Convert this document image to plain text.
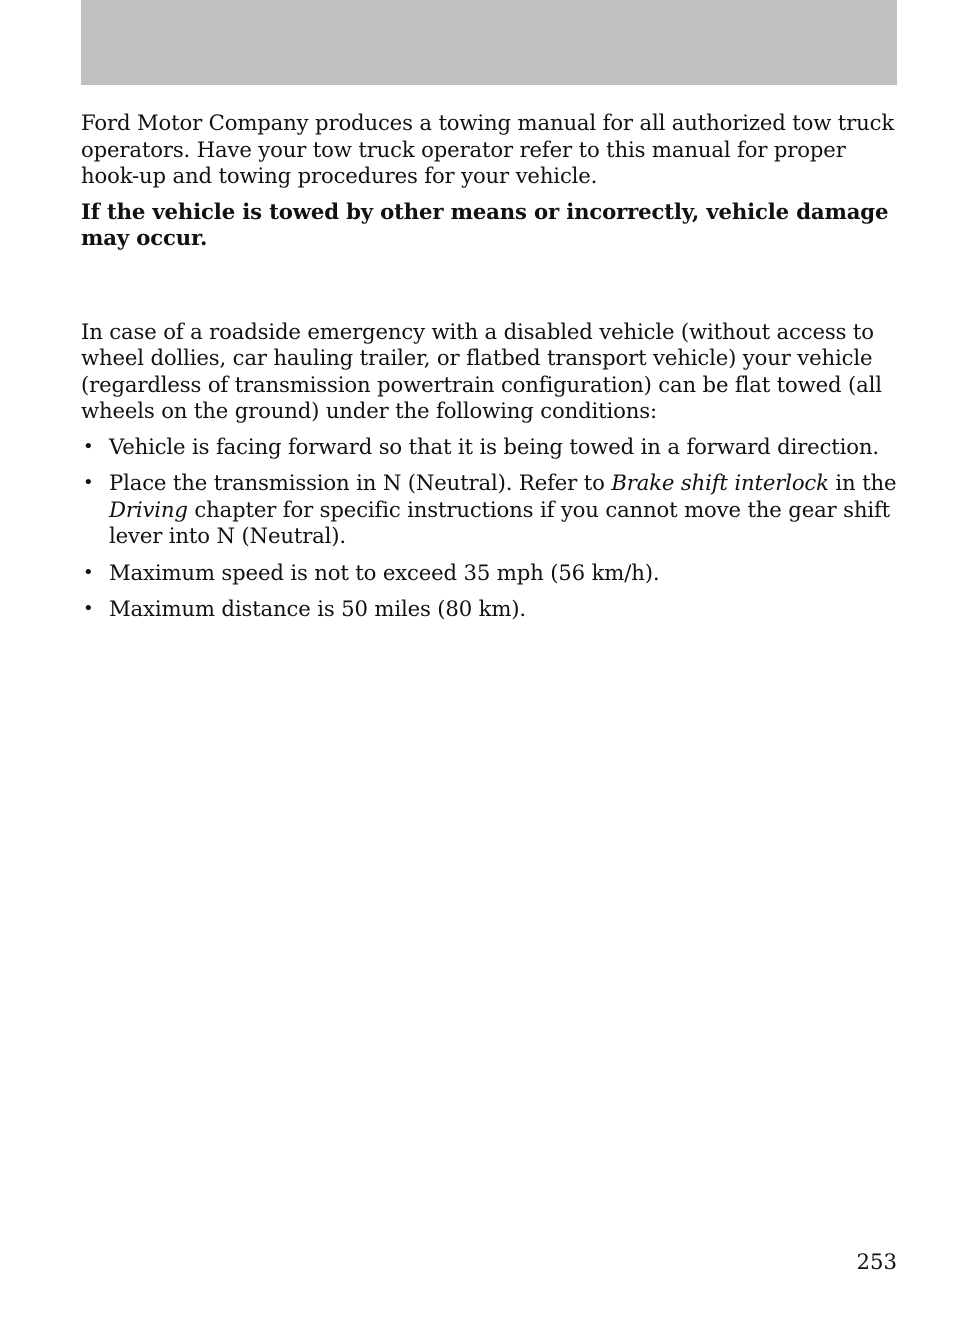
Ford Motor Company produces a towing manual for all authorized tow truck operators. Have your tow truck operator refer to this manual for proper hook-up and towing procedures for your vehicle.

If the vehicle is towed by other means or incorrectly, vehicle damage may occur.

In case of a roadside emergency with a disabled vehicle (without access to wheel dollies, car hauling trailer, or flatbed transport vehicle) your vehicle (regardless of transmission powertrain configuration) can be flat towed (all wheels on the ground) under the following conditions:

• Vehicle is facing forward so that it is being towed in a forward direction.
• Place the transmission in N (Neutral). Refer to Brake shift interlock in the Driving chapter for specific instructions if you cannot move the gear shift lever into N (Neutral).
• Maximum speed is not to exceed 35 mph (56 km/h).
• Maximum distance is 50 miles (80 km).
253
